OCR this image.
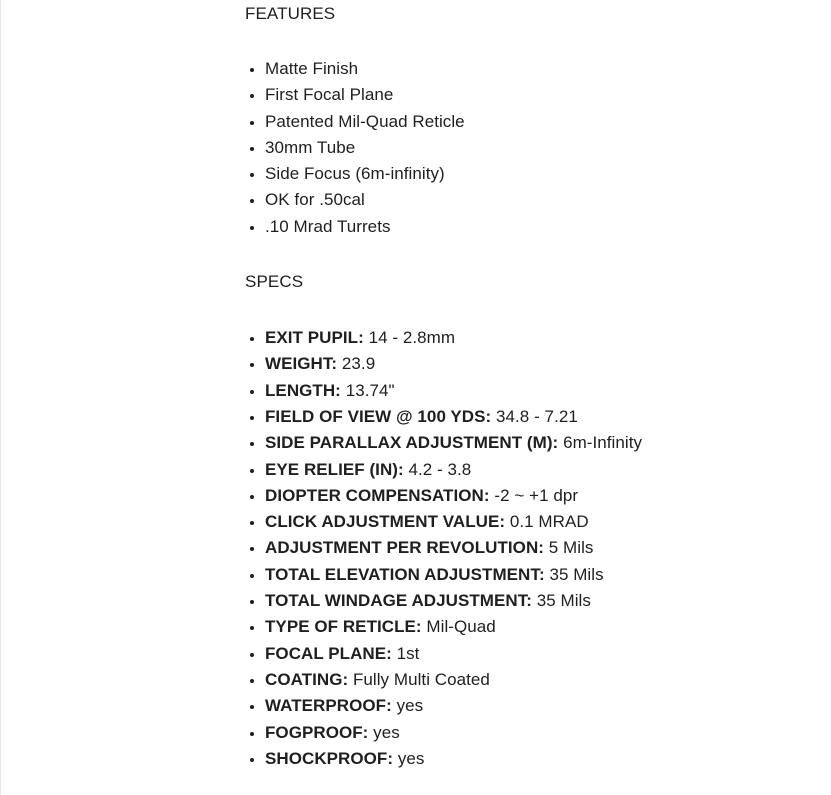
FEATURES

• Matte Finish
• First Focal Plane
• Patented Mil-Quad Reticle
• 30mm Tube
• Side Focus (6m-infinity)
• OK for .50cal
• .10 Mrad Turrets

SPECS

• EXIT PUPIL: 14 - 2.8mm
• WEIGHT: 23.9
• LENGTH: 13.74"
• FIELD OF VIEW @ 100 YDS: 34.8 - 7.21
• SIDE PARALLAX ADJUSTMENT (M): 6m-Infinity
• EYE RELIEF (IN): 4.2 - 3.8
• DIOPTER COMPENSATION: -2 ~ +1 dpr
• CLICK ADJUSTMENT VALUE: 0.1 MRAD
• ADJUSTMENT PER REVOLUTION: 5 Mils
• TOTAL ELEVATION ADJUSTMENT: 35 Mils
• TOTAL WINDAGE ADJUSTMENT: 35 Mils
• TYPE OF RETICLE: Mil-Quad
• FOCAL PLANE: 1st
• COATING: Fully Multi Coated
• WATERPROOF: yes
• FOGPROOF: yes
• SHOCKPROOF: yes
